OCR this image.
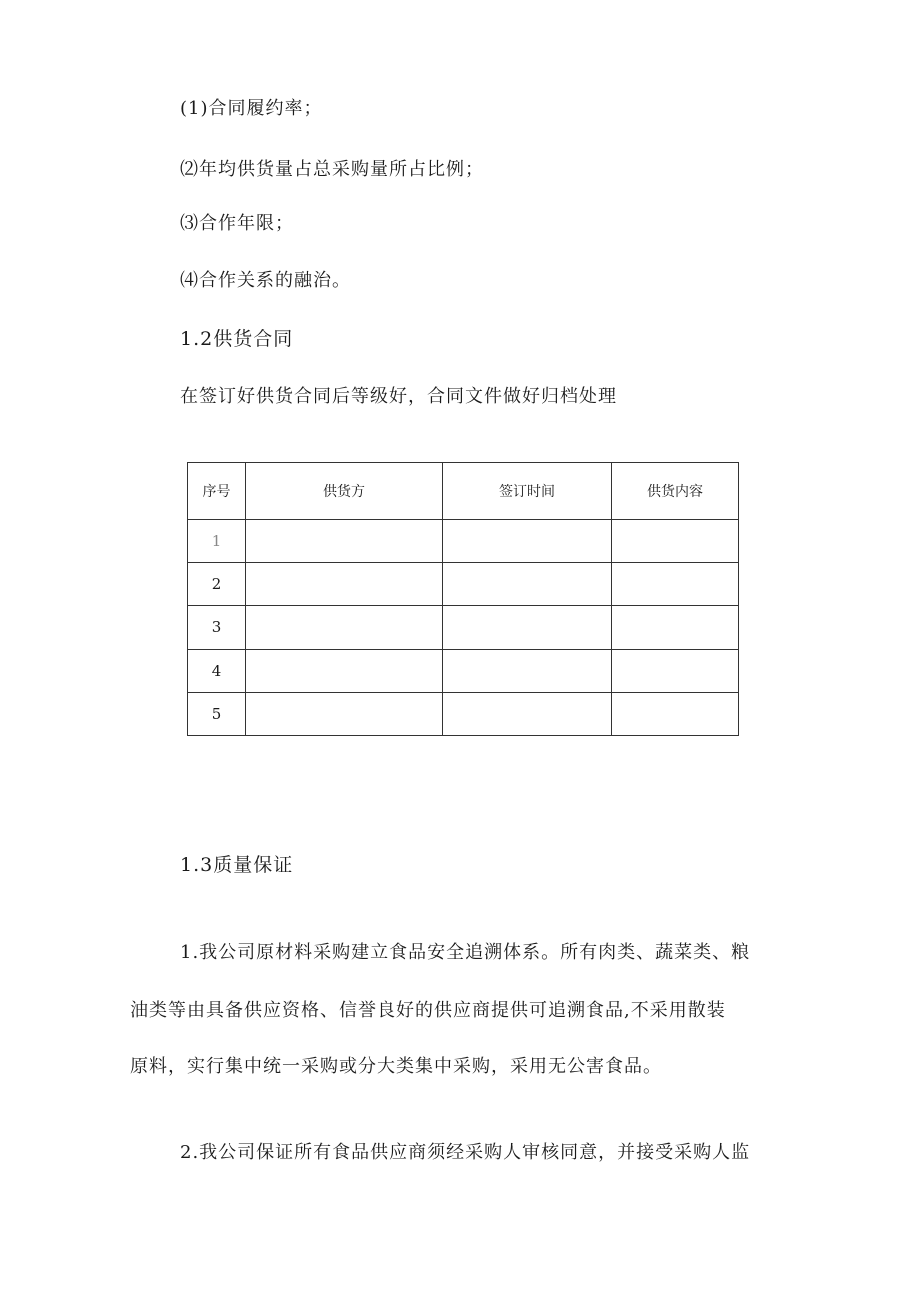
(1)合同履约率；
⑵年均供货量占总采购量所占比例；
⑶合作年限；
⑷合作关系的融治。
1.2供货合同
在签订好供货合同后等级好，合同文件做好归档处理
序号	供货方	签订时间	供货内容
1			
2			
3			
4			
5			
1.3质量保证
1.我公司原材料采购建立食品安全追溯体系。所有肉类、蔬菜类、粮
油类等由具备供应资格、信誉良好的供应商提供可追溯食品,不采用散装
原料，实行集中统一采购或分大类集中采购，采用无公害食品。
2.我公司保证所有食品供应商须经采购人审核同意，并接受采购人监
